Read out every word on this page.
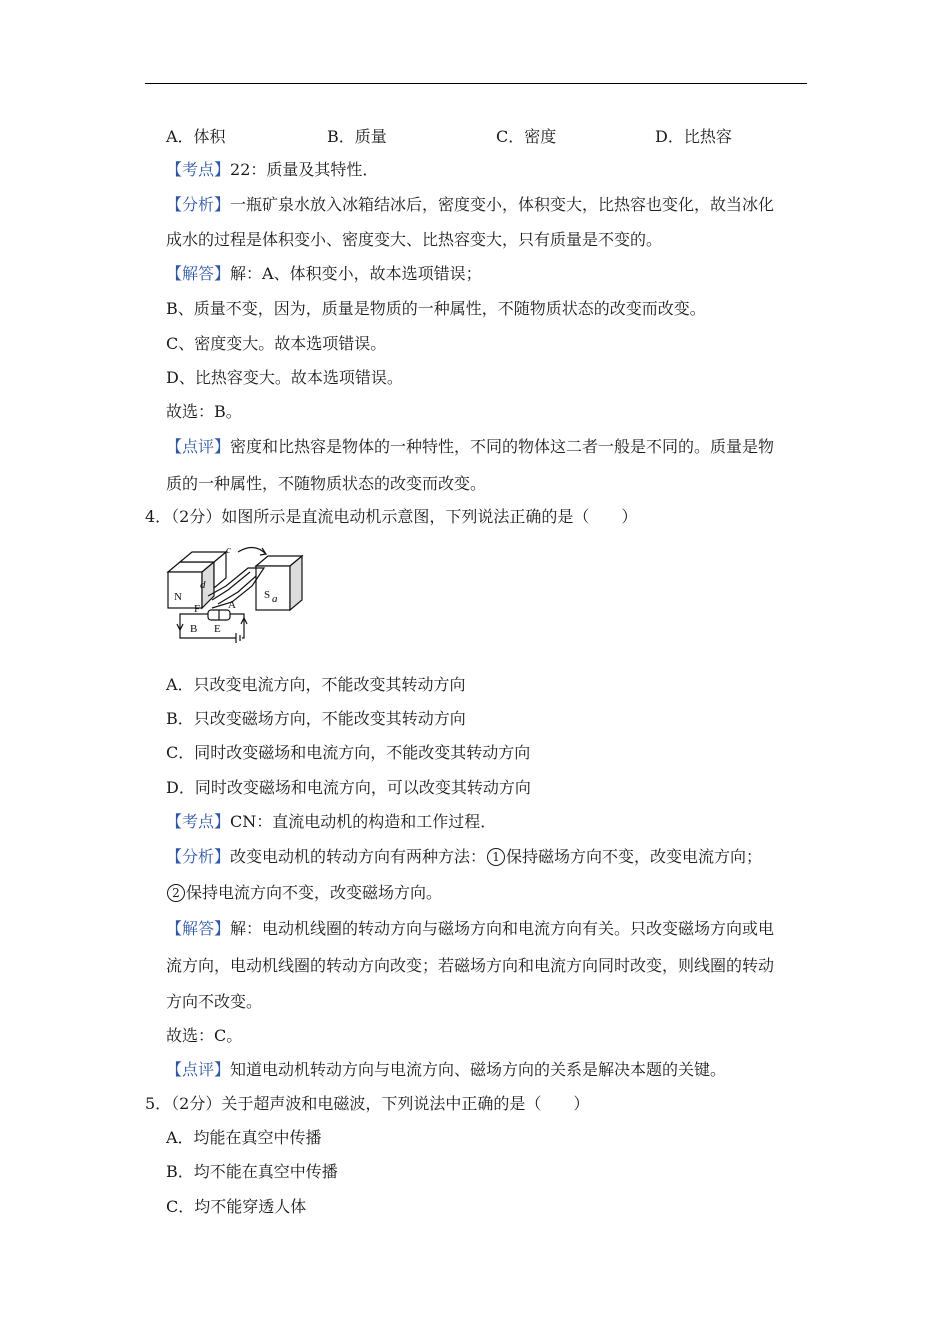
A．体积	B．质量	C．密度	D．比热容
【考点】22：质量及其特性．
【分析】一瓶矿泉水放入冰箱结冰后，密度变小，体积变大，比热容也变化，故当冰化
成水的过程是体积变小、密度变大、比热容变大，只有质量是不变的。
【解答】解：A、体积变小，故本选项错误；
B、质量不变，因为，质量是物质的一种属性，不随物质状态的改变而改变。
C、密度变大。故本选项错误。
D、比热容变大。故本选项错误。
故选：B。
【点评】密度和比热容是物体的一种特性，不同的物体这二者一般是不同的。质量是物
质的一种属性，不随物质状态的改变而改变。
4．（2分）如图所示是直流电动机示意图，下列说法正确的是（　　）
c
d
a
N	S
F	A
B E
A．只改变电流方向，不能改变其转动方向
B．只改变磁场方向，不能改变其转动方向
C．同时改变磁场和电流方向，不能改变其转动方向
D．同时改变磁场和电流方向，可以改变其转动方向
【考点】CN：直流电动机的构造和工作过程．
【分析】改变电动机的转动方向有两种方法： 1 保持磁场方向不变，改变电流方向；
2 保持电流方向不变，改变磁场方向。
【解答】解：电动机线圈的转动方向与磁场方向和电流方向有关。只改变磁场方向或电
流方向，电动机线圈的转动方向改变；若磁场方向和电流方向同时改变，则线圈的转动
方向不改变。
故选：C。
【点评】知道电动机转动方向与电流方向、磁场方向的关系是解决本题的关键。
5．（2分）关于超声波和电磁波，下列说法中正确的是（　　）
A．均能在真空中传播
B．均不能在真空中传播
C．均不能穿透人体
